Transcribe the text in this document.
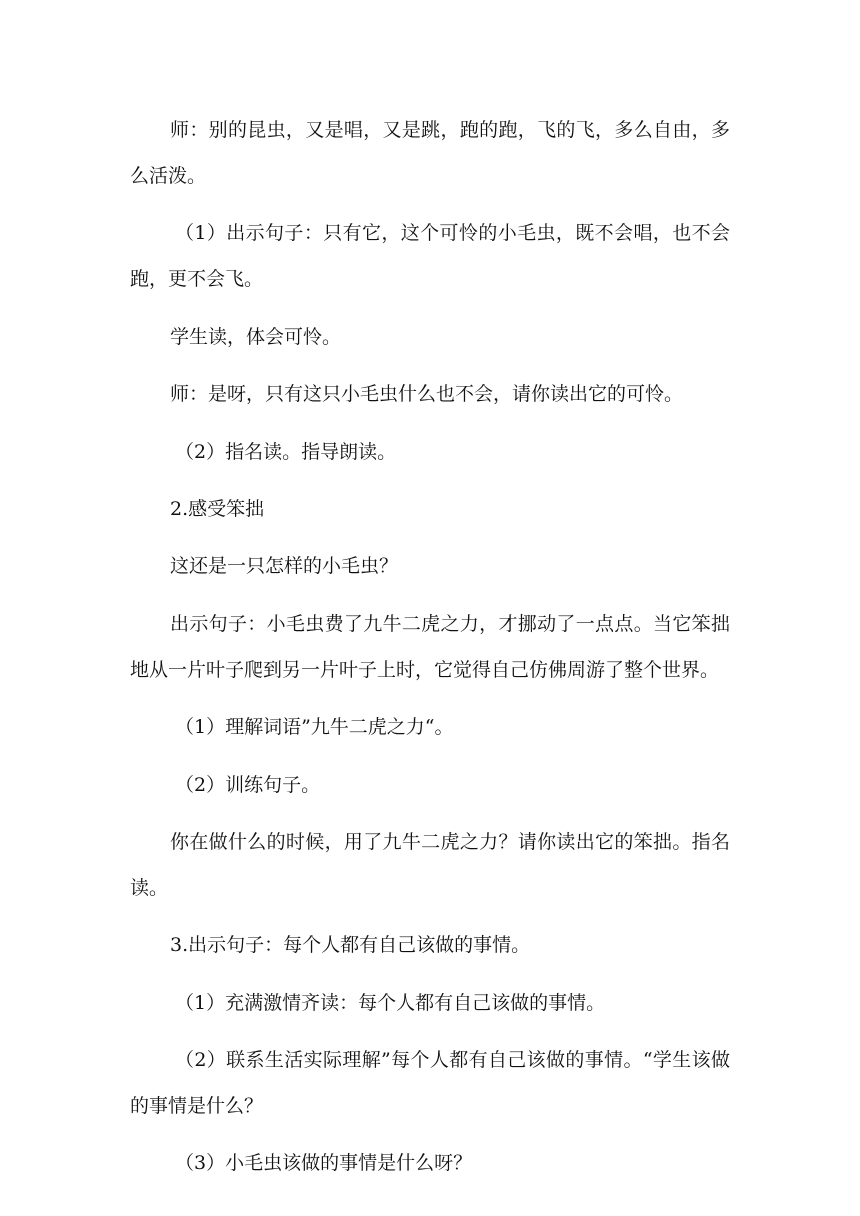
师：别的昆虫，又是唱，又是跳，跑的跑，飞的飞，多么自由，多么活泼。

（1）出示句子：只有它，这个可怜的小毛虫，既不会唱，也不会跑，更不会飞。

学生读，体会可怜。

师：是呀，只有这只小毛虫什么也不会，请你读出它的可怜。

（2）指名读。指导朗读。

2.感受笨拙

这还是一只怎样的小毛虫？

出示句子：小毛虫费了九牛二虎之力，才挪动了一点点。当它笨拙地从一片叶子爬到另一片叶子上时，它觉得自己仿佛周游了整个世界。

（1）理解词语”九牛二虎之力“。

（2）训练句子。

你在做什么的时候，用了九牛二虎之力？请你读出它的笨拙。指名读。

3.出示句子：每个人都有自己该做的事情。

（1）充满激情齐读：每个人都有自己该做的事情。

（2）联系生活实际理解”每个人都有自己该做的事情。“学生该做的事情是什么？

（3）小毛虫该做的事情是什么呀？
